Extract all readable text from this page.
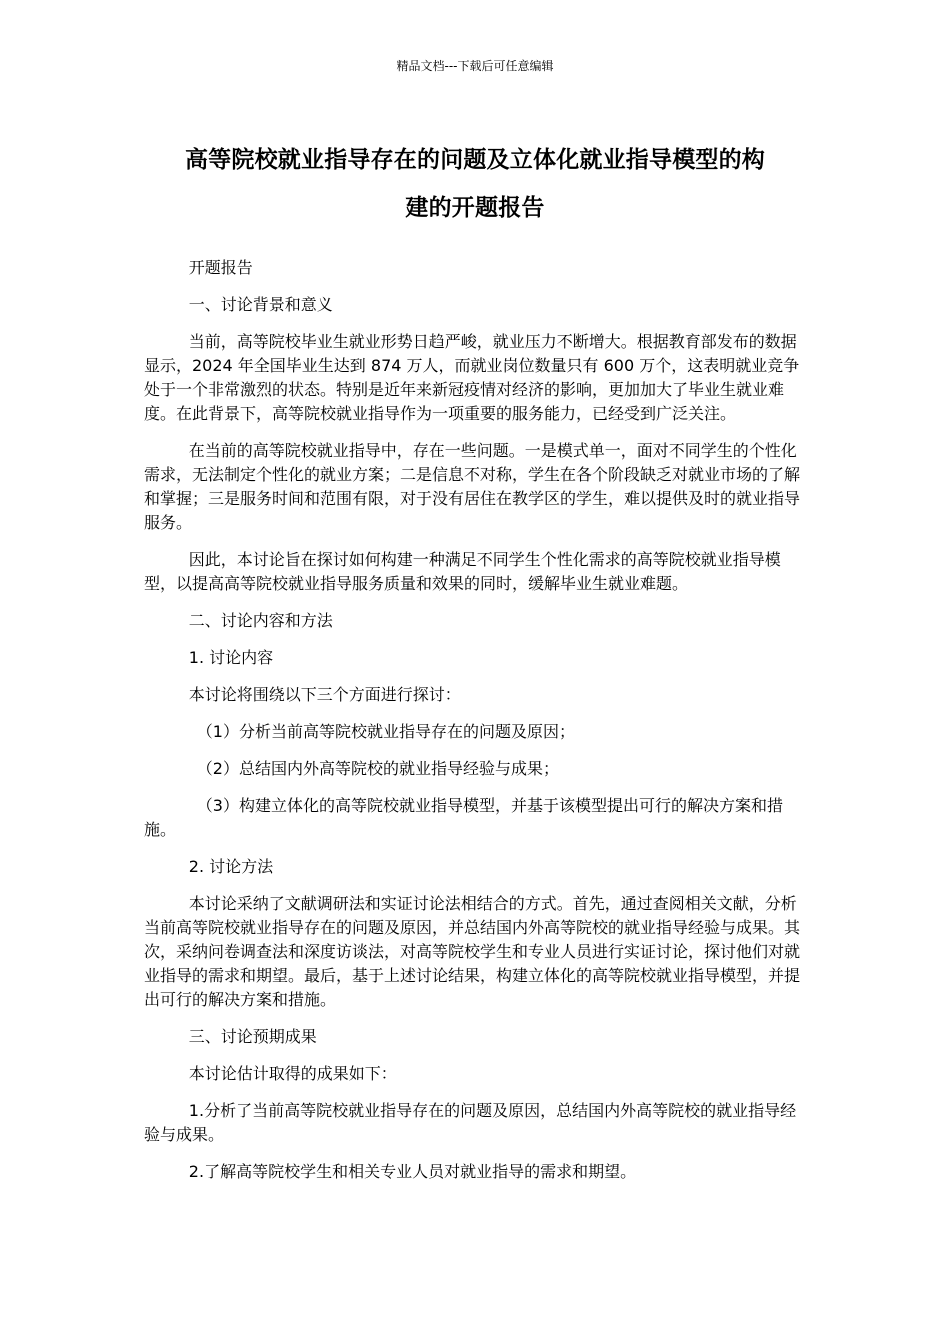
精品文档---下载后可任意编辑
高等院校就业指导存在的问题及立体化就业指导模型的构
建的开题报告

开题报告

一、讨论背景和意义

当前，高等院校毕业生就业形势日趋严峻，就业压力不断增大。根据教育部发布的数据显示，2024 年全国毕业生达到 874 万人，而就业岗位数量只有 600 万个，这表明就业竞争处于一个非常激烈的状态。特别是近年来新冠疫情对经济的影响，更加加大了毕业生就业难度。在此背景下，高等院校就业指导作为一项重要的服务能力，已经受到广泛关注。

在当前的高等院校就业指导中，存在一些问题。一是模式单一，面对不同学生的个性化需求，无法制定个性化的就业方案；二是信息不对称，学生在各个阶段缺乏对就业市场的了解和掌握；三是服务时间和范围有限，对于没有居住在教学区的学生，难以提供及时的就业指导服务。

因此，本讨论旨在探讨如何构建一种满足不同学生个性化需求的高等院校就业指导模型，以提高高等院校就业指导服务质量和效果的同时，缓解毕业生就业难题。

二、讨论内容和方法

1. 讨论内容

本讨论将围绕以下三个方面进行探讨：

（1）分析当前高等院校就业指导存在的问题及原因；

（2）总结国内外高等院校的就业指导经验与成果；

（3）构建立体化的高等院校就业指导模型，并基于该模型提出可行的解决方案和措施。

2. 讨论方法

本讨论采纳了文献调研法和实证讨论法相结合的方式。首先，通过查阅相关文献，分析当前高等院校就业指导存在的问题及原因，并总结国内外高等院校的就业指导经验与成果。其次，采纳问卷调查法和深度访谈法，对高等院校学生和专业人员进行实证讨论，探讨他们对就业指导的需求和期望。最后，基于上述讨论结果，构建立体化的高等院校就业指导模型，并提出可行的解决方案和措施。

三、讨论预期成果

本讨论估计取得的成果如下：

1.分析了当前高等院校就业指导存在的问题及原因，总结国内外高等院校的就业指导经验与成果。

2.了解高等院校学生和相关专业人员对就业指导的需求和期望。
